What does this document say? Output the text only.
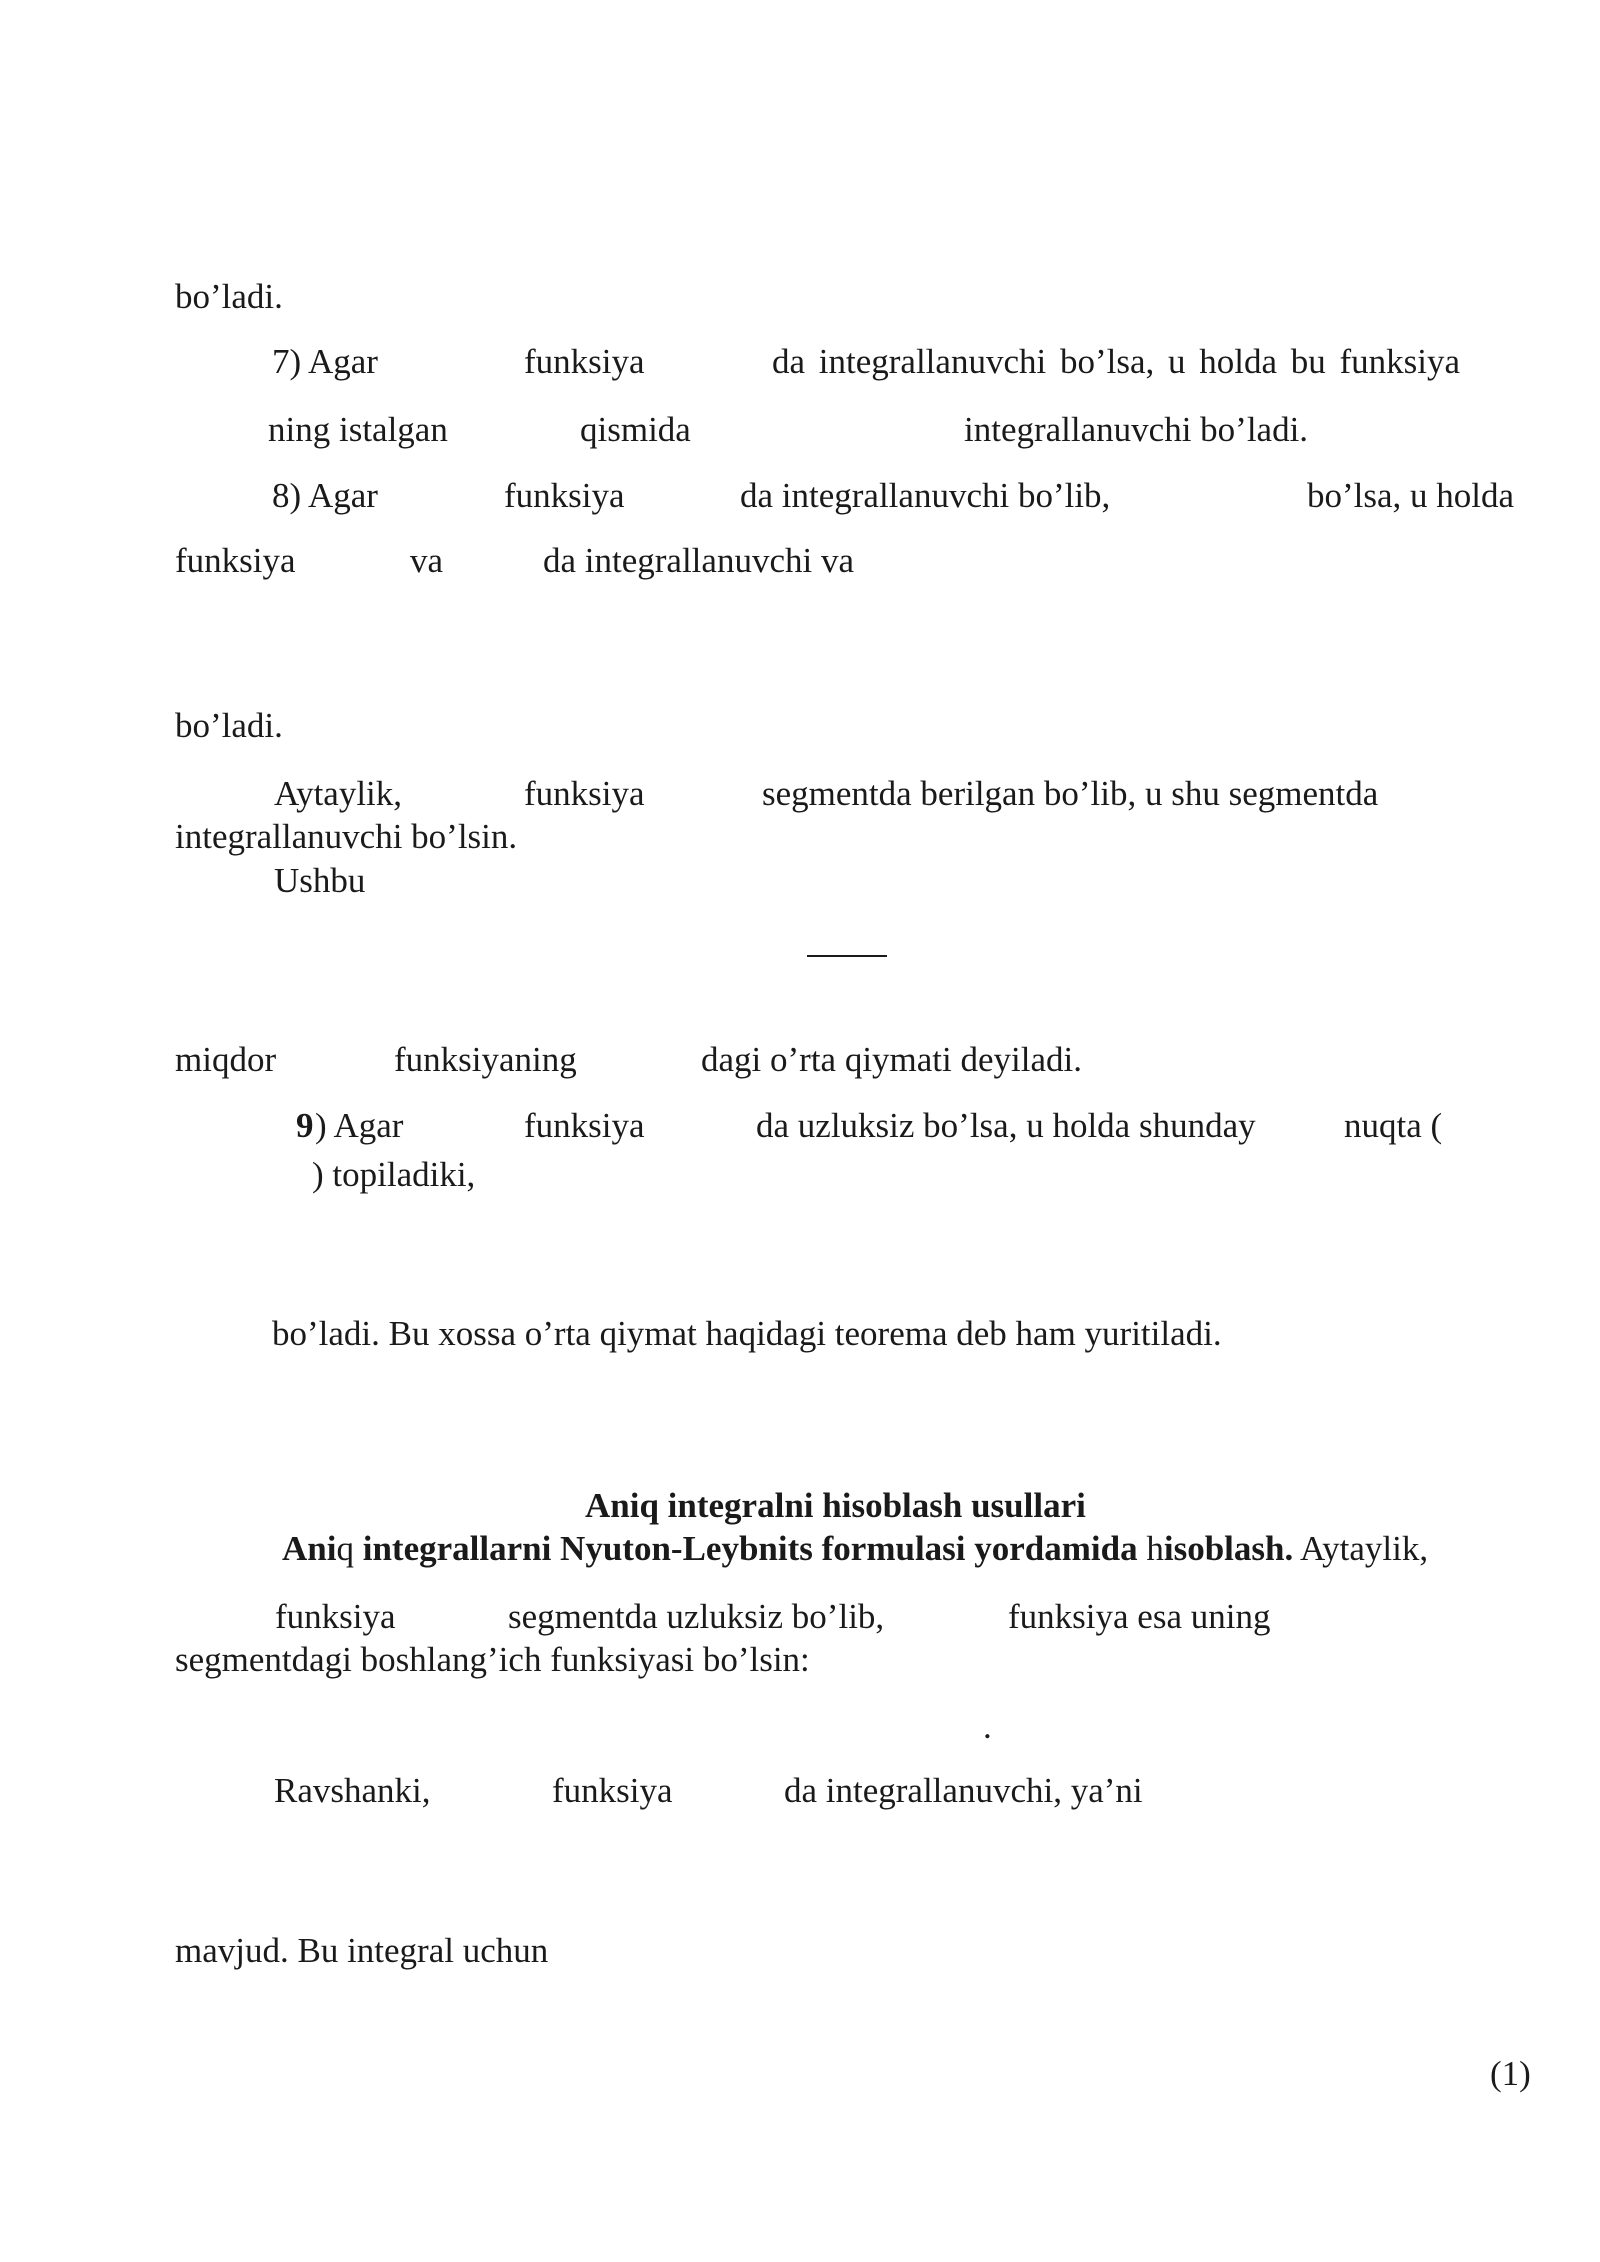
bo’ladi.
7) Agar	funksiya	da integrallanuvchi bo’lsa, u holda bu funksiya
ning istalgan	qismida	integrallanuvchi bo’ladi.
8) Agar	funksiya	da integrallanuvchi bo’lib,	bo’lsa, u holda
funksiya	va	da integrallanuvchi va
bo’ladi.
Aytaylik,	funksiya	segmentda berilgan bo’lib, u shu segmentda
integrallanuvchi bo’lsin.
Ushbu
miqdor	funksiyaning	dagi o’rta qiymati deyiladi.
9 ) Agar	funksiya	da uzluksiz bo’lsa, u holda shunday	nuqta (
) topiladiki,
bo’ladi. Bu xossa o’rta qiymat haqidagi teorema deb ham yuritiladi.
Aniq integralni hisoblash usullari
Aniq integrallarni Nyuton-Leybnits formulasi yordamida hisoblash. Aytaylik,
funksiya	segmentda uzluksiz bo’lib,	funksiya esa uning
segmentdagi boshlang’ich funksiyasi bo’lsin:
.
Ravshanki,	funksiya	da integrallanuvchi, ya’ni
mavjud. Bu integral uchun
(1)
